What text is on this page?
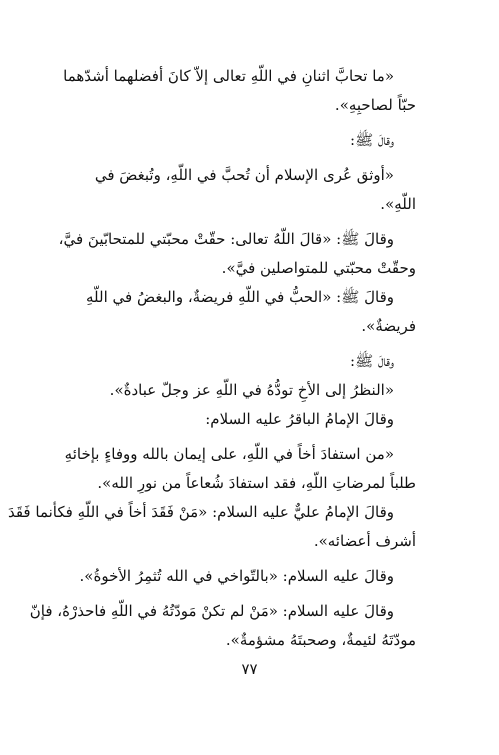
«ما تحابَّ اثنانِ في اللّهِ تعالى إلاّ كانَ أفضلهما أشدّهما
حبّاً لصاحبِهِ».
وقالَ ﷺ:
«أوثق عُرى الإسلام أن تُحبَّ في اللّهِ، وتُبغضَ في
اللّهِ».
وقالَ ﷺ: «قالَ اللّهُ تعالى: حقّتْ محبّتي للمتحابّينَ فيَّ،
وحقّتْ محبّتي للمتواصلين فيَّ».
وقالَ ﷺ: «الحبُّ في اللّهِ فريضةٌ، والبغضُ في اللّهِ
فريضةٌ».
وقالَ ﷺ:
«النظرُ إلى الأخِ تودُّهُ في اللّهِ عز وجلّ عبادةٌ».
وقالَ الإمامُ الباقرُ عليه السلام:
«من استفادَ أخاً في اللّهِ، على إيمان بالله ووفاءٍ بإخائهِ
طلباً لمرضاتِ اللّهِ، فقد استفادَ شُعاعاً من نورِ الله».
وقالَ الإمامُ عليٌّ عليه السلام: «مَنْ فَقَدَ أخاً في اللّهِ فكأنما فَقَدَ
أشرف أعضائه».
وقالَ عليه السلام: «بالتّواخي في الله تُثمِرُ الأخوةُ».
وقالَ عليه السلام: «مَنْ لم تكنْ مَودّتُهُ في اللّهِ فاحذرْهُ، فإنّ
مودّتَهُ لئيمةٌ، وصحبتَهُ مشؤمةٌ».
٧٧
